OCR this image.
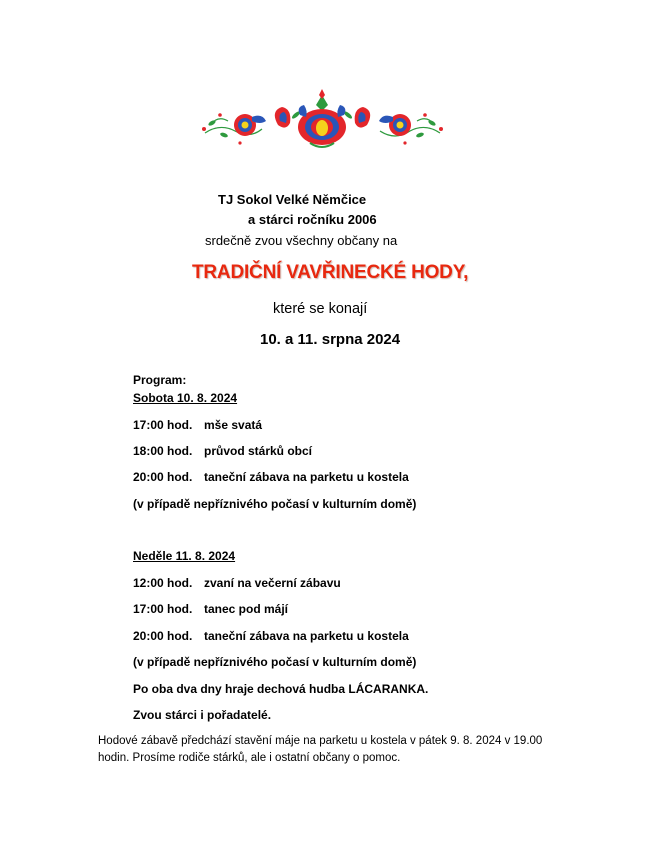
TJ Sokol Velké Němčice
a stárci ročníku 2006
srdečně zvou všechny občany na
TRADIČNÍ VAVŘINECKÉ HODY,
které se konají
10. a 11. srpna 2024
Program:
Sobota 10. 8. 2024
17:00 hod. mše svatá
18:00 hod. průvod stárků obcí
20:00 hod. taneční zábava na parketu u kostela
(v případě nepříznivého počasí v kulturním domě)
Neděle 11. 8. 2024
12:00 hod. zvaní na večerní zábavu
17:00 hod. tanec pod májí
20:00 hod. taneční zábava na parketu u kostela
(v případě nepříznivého počasí v kulturním domě)
Po oba dva dny hraje dechová hudba LÁCARANKA.
Zvou stárci i pořadatelé.
Hodové zábavě předchází stavění máje na parketu u kostela v pátek 9. 8. 2024 v 19.00 hodin. Prosíme rodiče stárků, ale i ostatní občany o pomoc.
